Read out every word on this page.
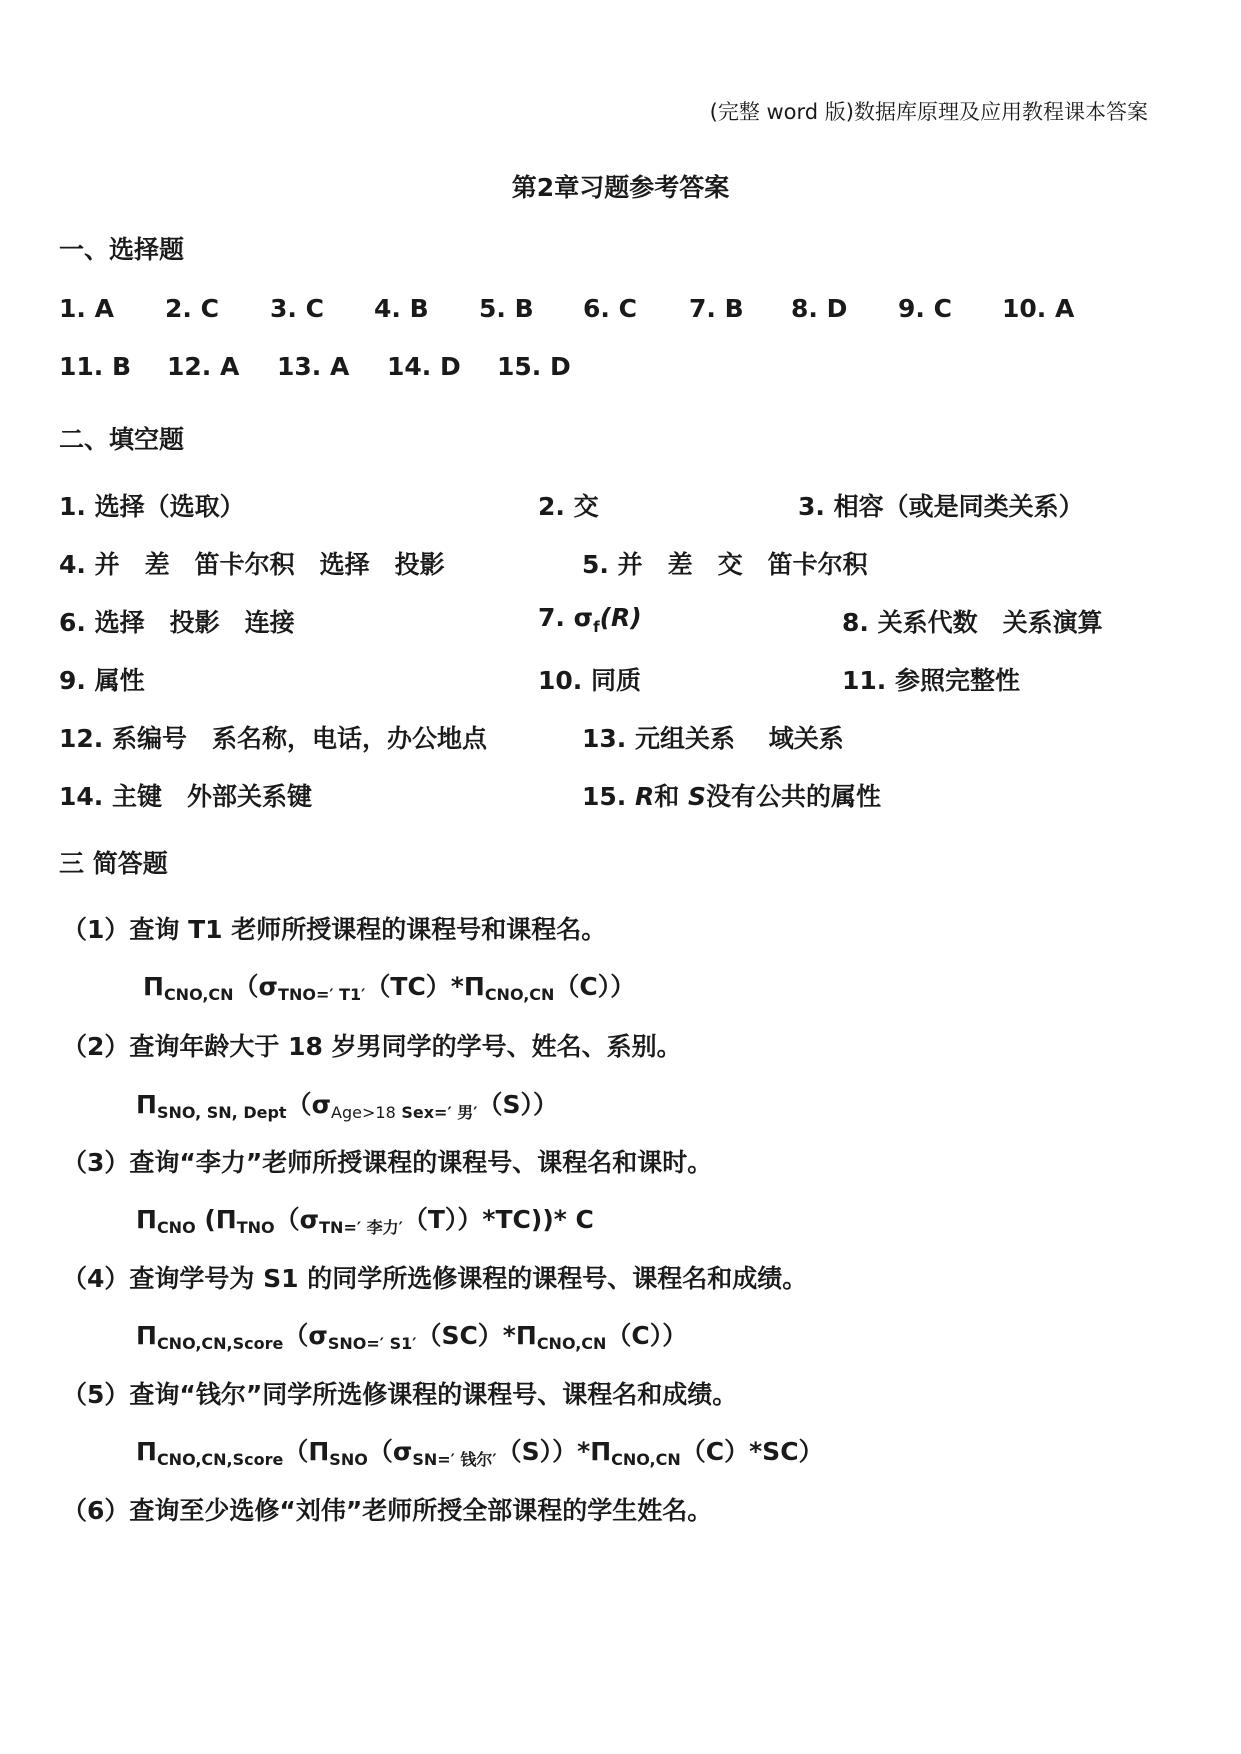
(完整 word 版)数据库原理及应用教程课本答案
第2章习题参考答案
一、选择题
1. A 2. C 3. C 4. B 5. B 6. C 7. B 8. D 9. C 10. A
11. B 12. A 13. A 14. D 15. D
二、填空题
1. 选择（选取）	2. 交	3. 相容（或是同类关系）
4. 并　差　笛卡尔积　选择　投影	5. 并　差　交　笛卡尔积
6. 选择　投影　连接	7. $\sigma_f(R)$	8. 关系代数　关系演算
9. 属性	10. 同质	11. 参照完整性
12. 系编号　系名称，电话，办公地点	13. 元组关系　 域关系
14. 主键　外部关系键	15. R和 S没有公共的属性
三 简答题
（1）查询 T1 老师所授课程的课程号和课程名。
$\Pi_{CNO,CN}(\sigma_{TNO=' T1'}(TC)*\Pi_{CNO,CN}(C))$
（2）查询年龄大于 18 岁男同学的学号、姓名、系别。
$\Pi_{SNO, SN, Dept}(\sigma_{Age>18 Sex=' 男'}(S))$
（3）查询“李力”老师所授课程的课程号、课程名和课时。
$\Pi_{CNO}$ $(\Pi_{TNO}(\sigma_{TN=' 李力'}(T))*TC))*$ C
（4）查询学号为 S1 的同学所选修课程的课程号、课程名和成绩。
$\Pi_{CNO,CN,Score}(\sigma_{SNO=' S1'}(SC)*\Pi_{CNO,CN}(C))$
（5）查询“钱尔”同学所选修课程的课程号、课程名和成绩。
$\Pi_{CNO,CN,Score}(\Pi_{SNO}(\sigma_{SN=' 钱尔'}(S))*\Pi_{CNO,CN}(C)*SC)$
（6）查询至少选修“刘伟”老师所授全部课程的学生姓名。
